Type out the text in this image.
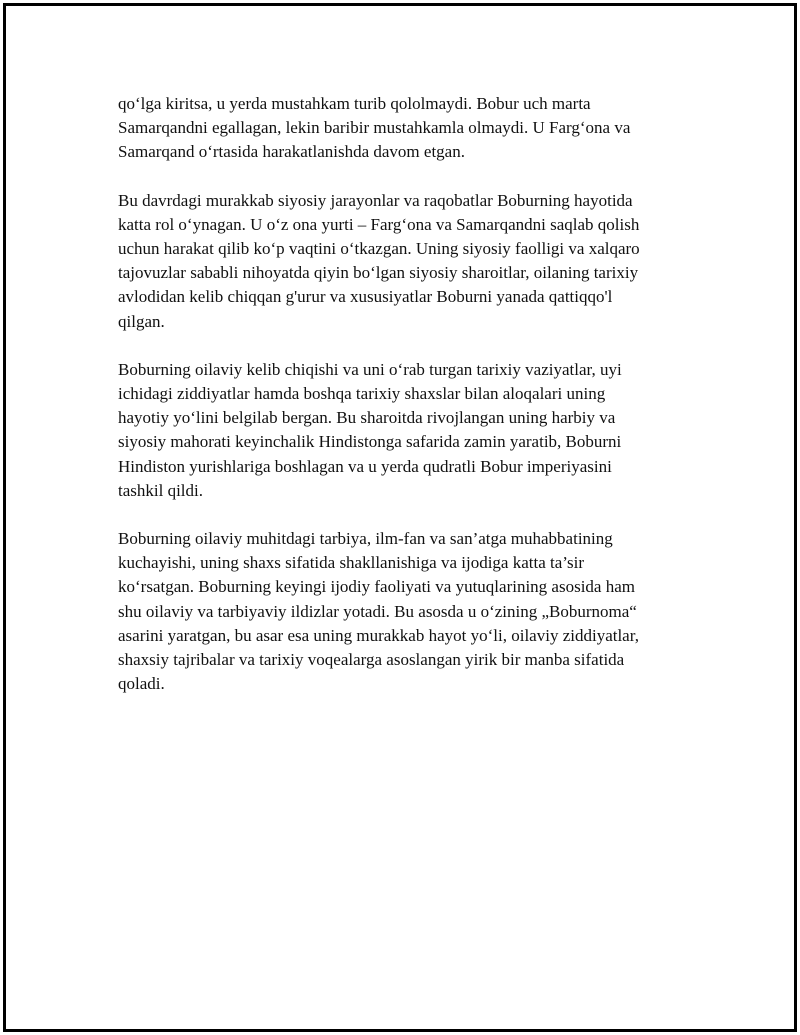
qo‘lga kiritsa, u yerda mustahkam turib qololmaydi. Bobur uch marta
Samarqandni egallagan, lekin baribir mustahkamla olmaydi. U Farg‘ona va
Samarqand o‘rtasida harakatlanishda davom etgan.

Bu davrdagi murakkab siyosiy jarayonlar va raqobatlar Boburning hayotida
katta rol o‘ynagan. U o‘z ona yurti – Farg‘ona va Samarqandni saqlab qolish
uchun harakat qilib ko‘p vaqtini o‘tkazgan. Uning siyosiy faolligi va xalqaro
tajovuzlar sababli nihoyatda qiyin bo‘lgan siyosiy sharoitlar, oilaning tarixiy
avlodidan kelib chiqqan g'urur va xususiyatlar Boburni yanada qattiqqo'l
qilgan.

Boburning oilaviy kelib chiqishi va uni o‘rab turgan tarixiy vaziyatlar, uyi
ichidagi ziddiyatlar hamda boshqa tarixiy shaxslar bilan aloqalari uning
hayotiy yo‘lini belgilab bergan. Bu sharoitda rivojlangan uning harbiy va
siyosiy mahorati keyinchalik Hindistonga safarida zamin yaratib, Boburni
Hindiston yurishlariga boshlagan va u yerda qudratli Bobur imperiyasini
tashkil qildi.

Boburning oilaviy muhitdagi tarbiya, ilm-fan va san’atga muhabbatining
kuchayishi, uning shaxs sifatida shakllanishiga va ijodiga katta ta’sir
ko‘rsatgan. Boburning keyingi ijodiy faoliyati va yutuqlarining asosida ham
shu oilaviy va tarbiyaviy ildizlar yotadi. Bu asosda u o‘zining „Boburnoma“
asarini yaratgan, bu asar esa uning murakkab hayot yo‘li, oilaviy ziddiyatlar,
shaxsiy tajribalar va tarixiy voqealarga asoslangan yirik bir manba sifatida
qoladi.
